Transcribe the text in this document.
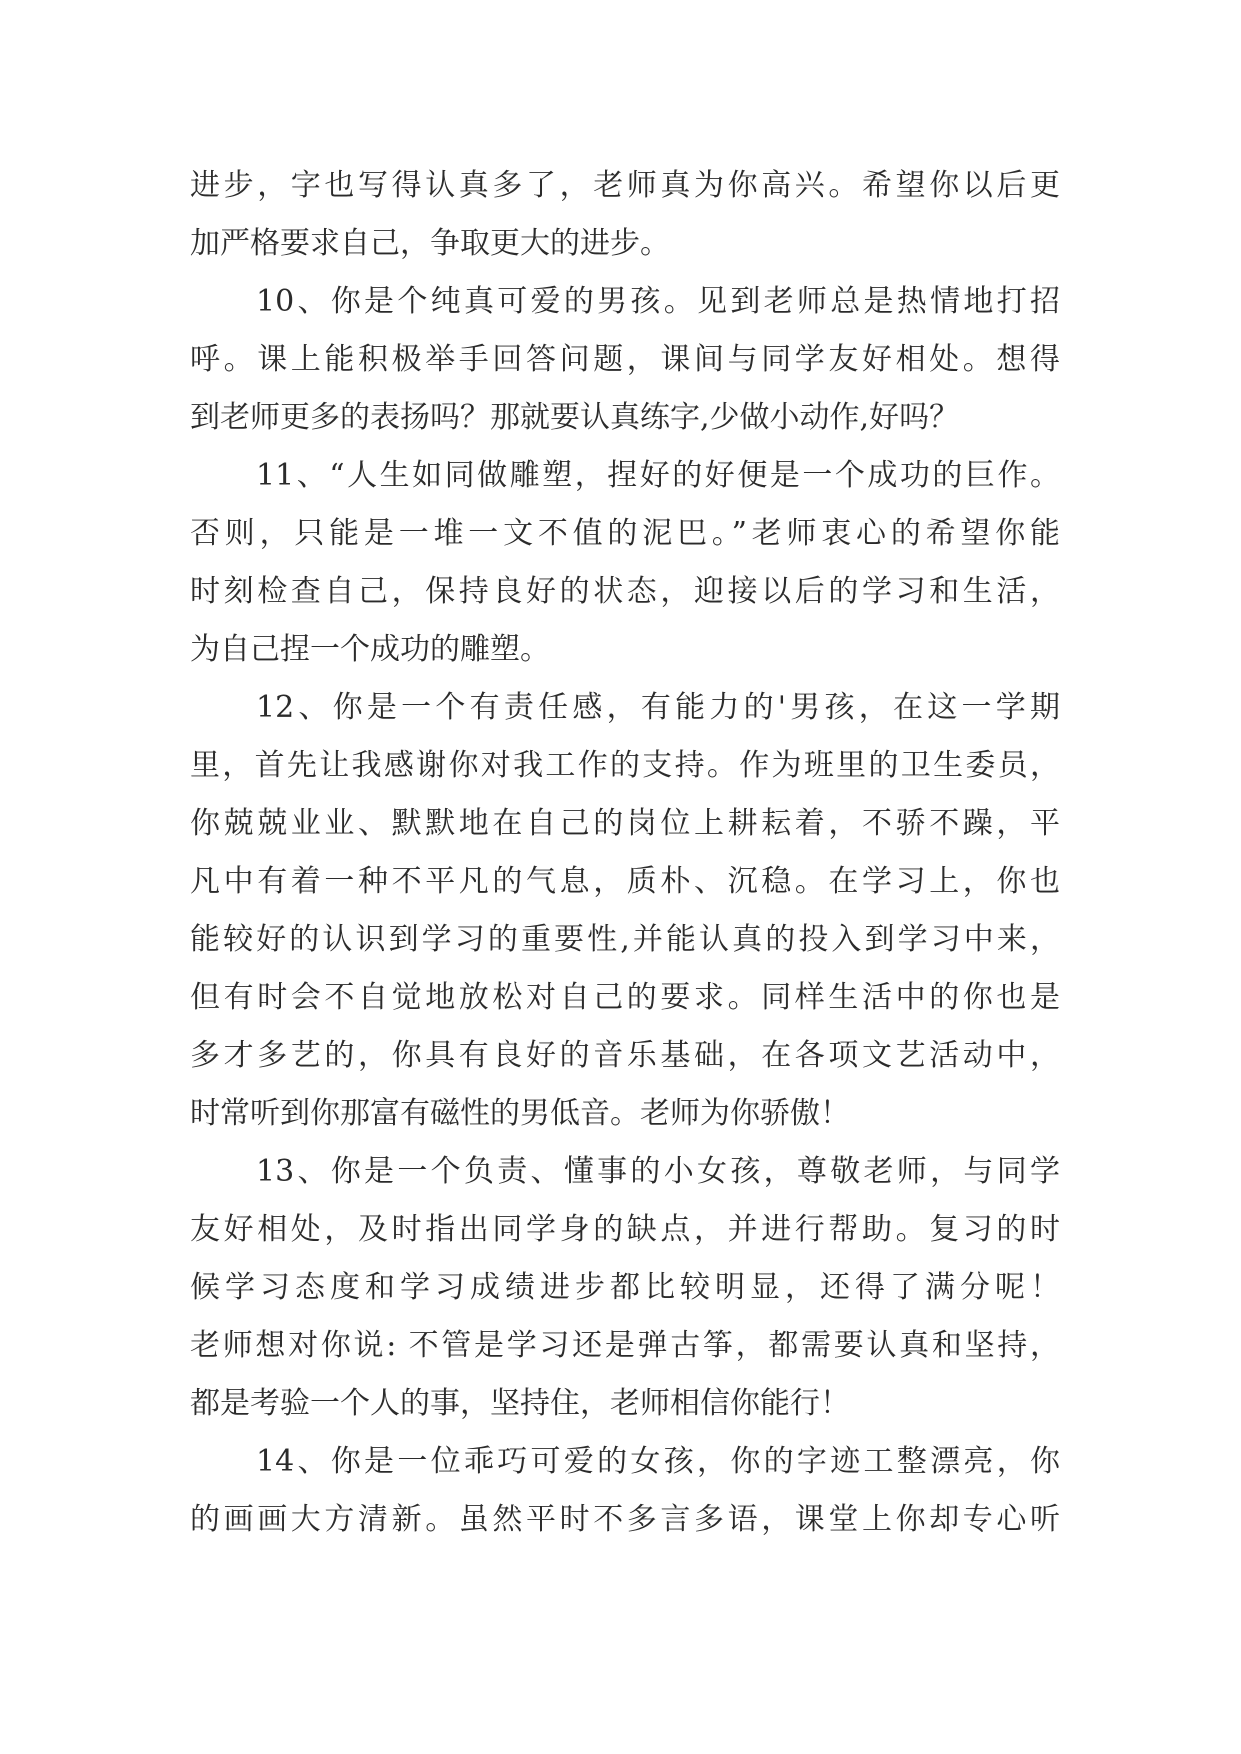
进步，字也写得认真多了，老师真为你高兴。希望你以后更
加严格要求自己，争取更大的进步。
10、你是个纯真可爱的男孩。见到老师总是热情地打招
呼。课上能积极举手回答问题，课间与同学友好相处。想得
到老师更多的表扬吗？那就要认真练字,少做小动作,好吗？
11、“人生如同做雕塑，捏好的好便是一个成功的巨作。
否则，只能是一堆一文不值的泥巴。”老师衷心的希望你能
时刻检查自己，保持良好的状态，迎接以后的学习和生活，
为自己捏一个成功的雕塑。
12、你是一个有责任感，有能力的'男孩，在这一学期
里，首先让我感谢你对我工作的支持。作为班里的卫生委员，
你兢兢业业、默默地在自己的岗位上耕耘着，不骄不躁，平
凡中有着一种不平凡的气息，质朴、沉稳。在学习上，你也
能较好的认识到学习的重要性,并能认真的投入到学习中来，
但有时会不自觉地放松对自己的要求。同样生活中的你也是
多才多艺的，你具有良好的音乐基础，在各项文艺活动中，
时常听到你那富有磁性的男低音。老师为你骄傲！
13、你是一个负责、懂事的小女孩，尊敬老师，与同学
友好相处，及时指出同学身的缺点，并进行帮助。复习的时
候学习态度和学习成绩进步都比较明显，还得了满分呢！
老师想对你说: 不管是学习还是弹古筝，都需要认真和坚持，
都是考验一个人的事，坚持住，老师相信你能行！
14、你是一位乖巧可爱的女孩，你的字迹工整漂亮，你
的画画大方清新。虽然平时不多言多语，课堂上你却专心听
